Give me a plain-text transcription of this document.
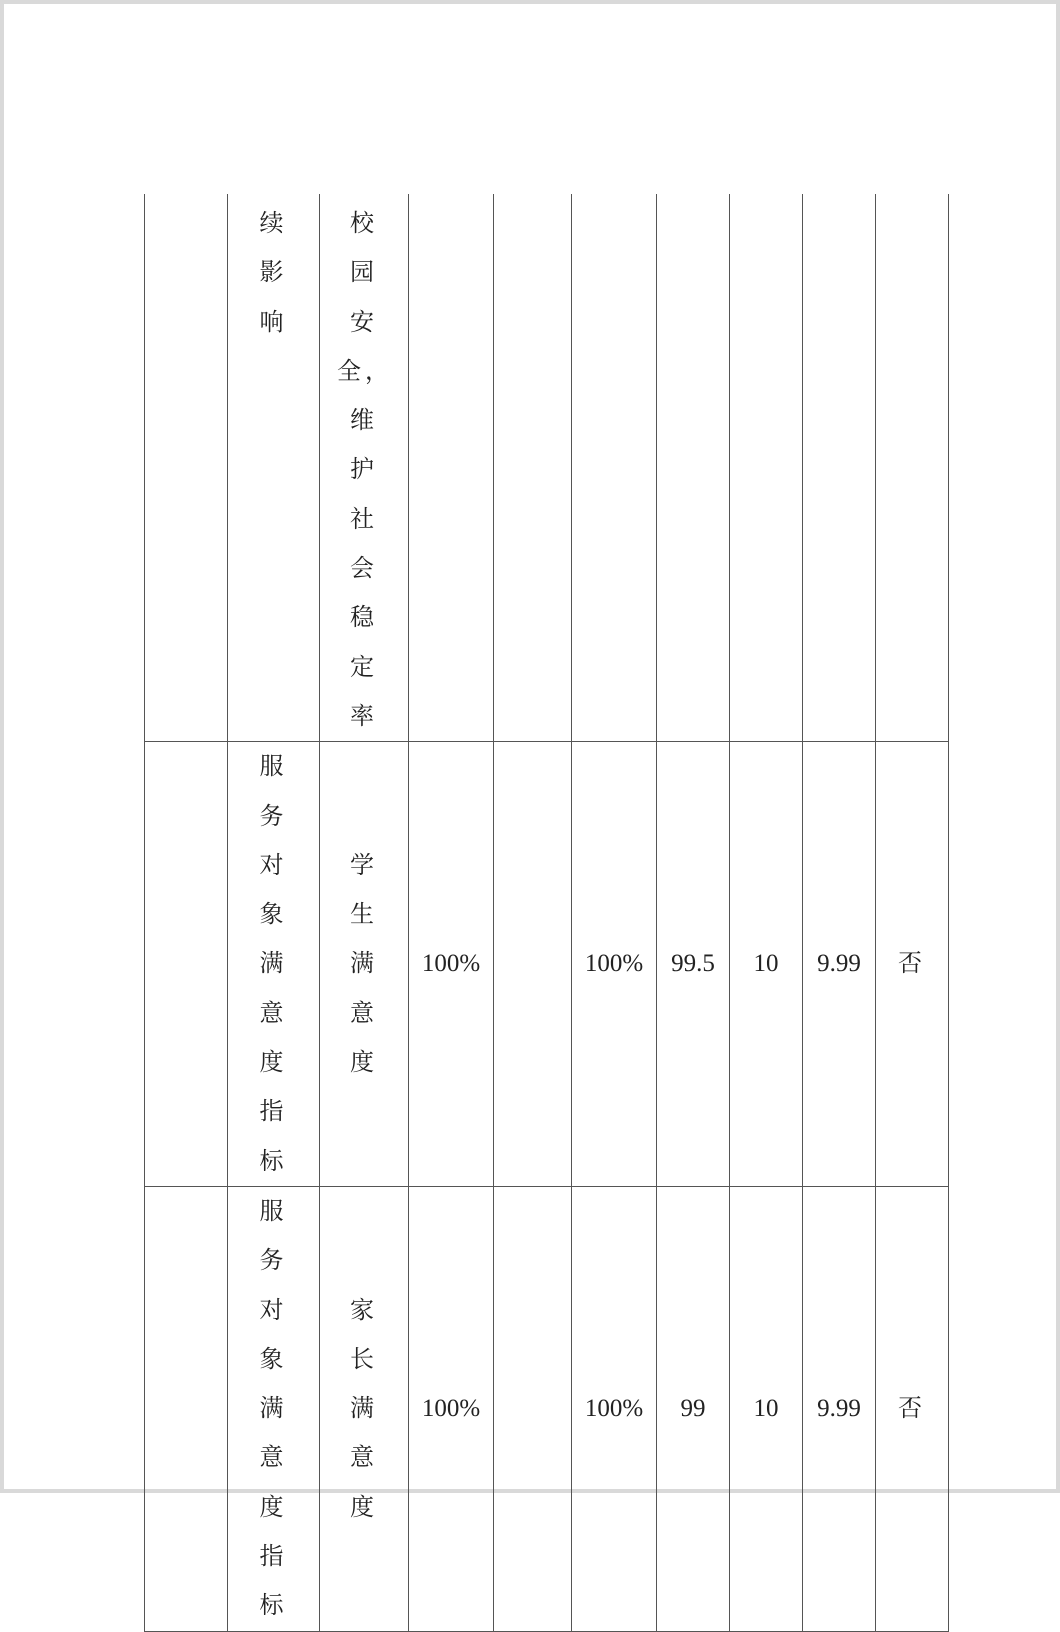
	续影响	校园安全，维护社会稳定率							

	服务对象满意度指标	学生满意度	100%		100%	99.5	10	9.99	否

	服务对象满意度指标	家长满意度	100%		100%	99	10	9.99	否
